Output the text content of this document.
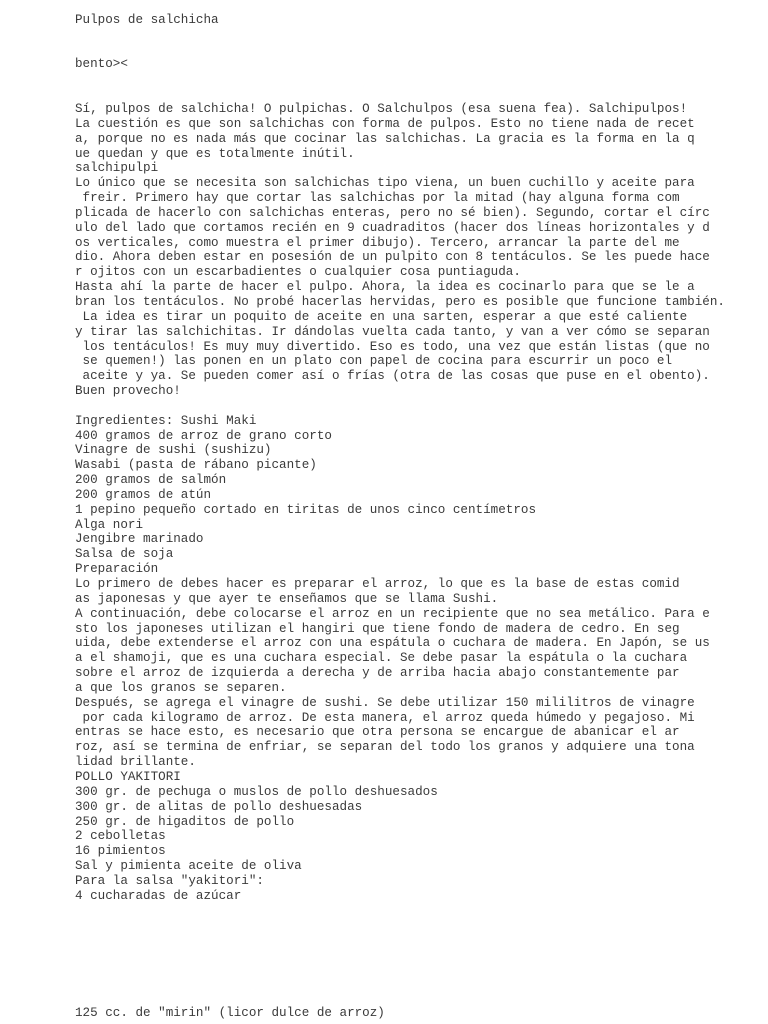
Pulpos de salchicha
bento><
Sí, pulpos de salchicha! O pulpichas. O Salchulpos (esa suena fea). Salchipulpos!
La cuestión es que son salchichas con forma de pulpos. Esto no tiene nada de recet
a, porque no es nada más que cocinar las salchichas. La gracia es la forma en la q
ue quedan y que es totalmente inútil.
salchipulpi
Lo único que se necesita son salchichas tipo viena, un buen cuchillo y aceite para
freir. Primero hay que cortar las salchichas por la mitad (hay alguna forma com
plicada de hacerlo con salchichas enteras, pero no sé bien). Segundo, cortar el círc
ulo del lado que cortamos recién en 9 cuadraditos (hacer dos líneas horizontales y d
os verticales, como muestra el primer dibujo). Tercero, arrancar la parte del me
dio. Ahora deben estar en posesión de un pulpito con 8 tentáculos. Se les puede hace
r ojitos con un escarbadientes o cualquier cosa puntiaguda.
Hasta ahí la parte de hacer el pulpo. Ahora, la idea es cocinarlo para que se le a
bran los tentáculos. No probé hacerlas hervidas, pero es posible que funcione también.
La idea es tirar un poquito de aceite en una sarten, esperar a que esté caliente
y tirar las salchichitas. Ir dándolas vuelta cada tanto, y van a ver cómo se separan
los tentáculos! Es muy muy divertido. Eso es todo, una vez que están listas (que no
se quemen!) las ponen en un plato con papel de cocina para escurrir un poco el
aceite y ya. Se pueden comer así o frías (otra de las cosas que puse en el obento).
Buen provecho!
Ingredientes: Sushi Maki
400 gramos de arroz de grano corto
Vinagre de sushi (sushizu)
Wasabi (pasta de rábano picante)
200 gramos de salmón
200 gramos de atún
1 pepino pequeño cortado en tiritas de unos cinco centímetros
Alga nori
Jengibre marinado
Salsa de soja
Preparación
Lo primero de debes hacer es preparar el arroz, lo que es la base de estas comid
as japonesas y que ayer te enseñamos que se llama Sushi.
A continuación, debe colocarse el arroz en un recipiente que no sea metálico. Para e
sto los japoneses utilizan el hangiri que tiene fondo de madera de cedro. En seg
uida, debe extenderse el arroz con una espátula o cuchara de madera. En Japón, se us
a el shamoji, que es una cuchara especial. Se debe pasar la espátula o la cuchara
sobre el arroz de izquierda a derecha y de arriba hacia abajo constantemente par
a que los granos se separen.
Después, se agrega el vinagre de sushi. Se debe utilizar 150 mililitros de vinagre
por cada kilogramo de arroz. De esta manera, el arroz queda húmedo y pegajoso. Mi
entras se hace esto, es necesario que otra persona se encargue de abanicar el ar
roz, así se termina de enfriar, se separan del todo los granos y adquiere una tona
lidad brillante.
POLLO YAKITORI
300 gr. de pechuga o muslos de pollo deshuesados
300 gr. de alitas de pollo deshuesadas
250 gr. de higaditos de pollo
2 cebolletas
16 pimientos
Sal y pimienta aceite de oliva
Para la salsa "yakitori":
4 cucharadas de azúcar
125 cc. de "mirin" (licor dulce de arroz)
